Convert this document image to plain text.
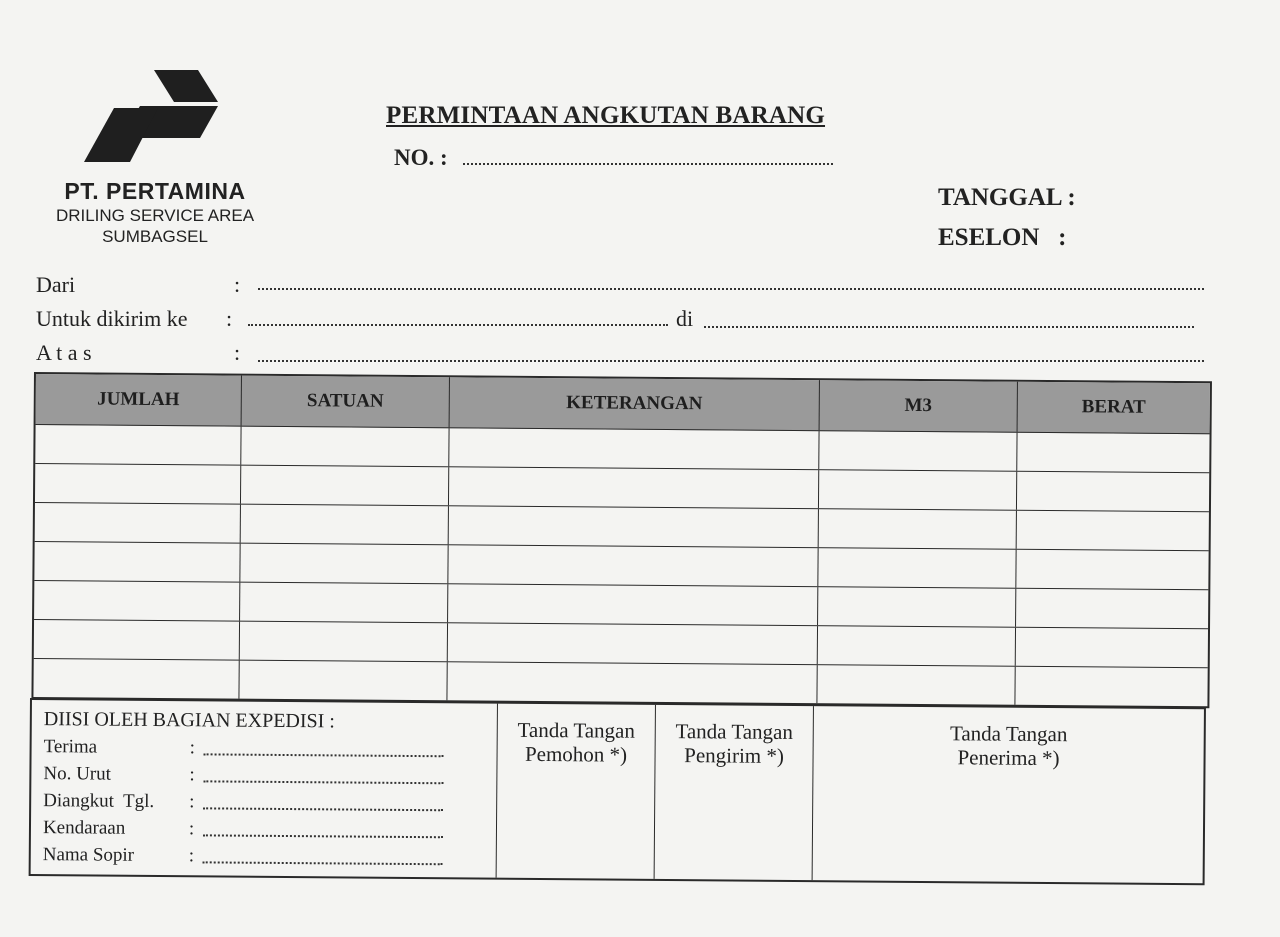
PT. PERTAMINA
DRILING SERVICE AREA
SUMBAGSEL
PERMINTAAN ANGKUTAN BARANG
NO. :
TANGGAL :
ESELON   :
Dari	:
Untuk dikirim ke :	di
A t a s	:
JUMLAH	SATUAN	KETERANGAN	M3	BERAT
DIISI OLEH BAGIAN EXPEDISI :
Terima	:
No. Urut	:
Diangkut  Tgl.	:
Kendaraan	:
Nama Sopir	:
Tanda Tangan
Pemohon *)
Tanda Tangan
Pengirim *)
Tanda Tangan
Penerima *)
